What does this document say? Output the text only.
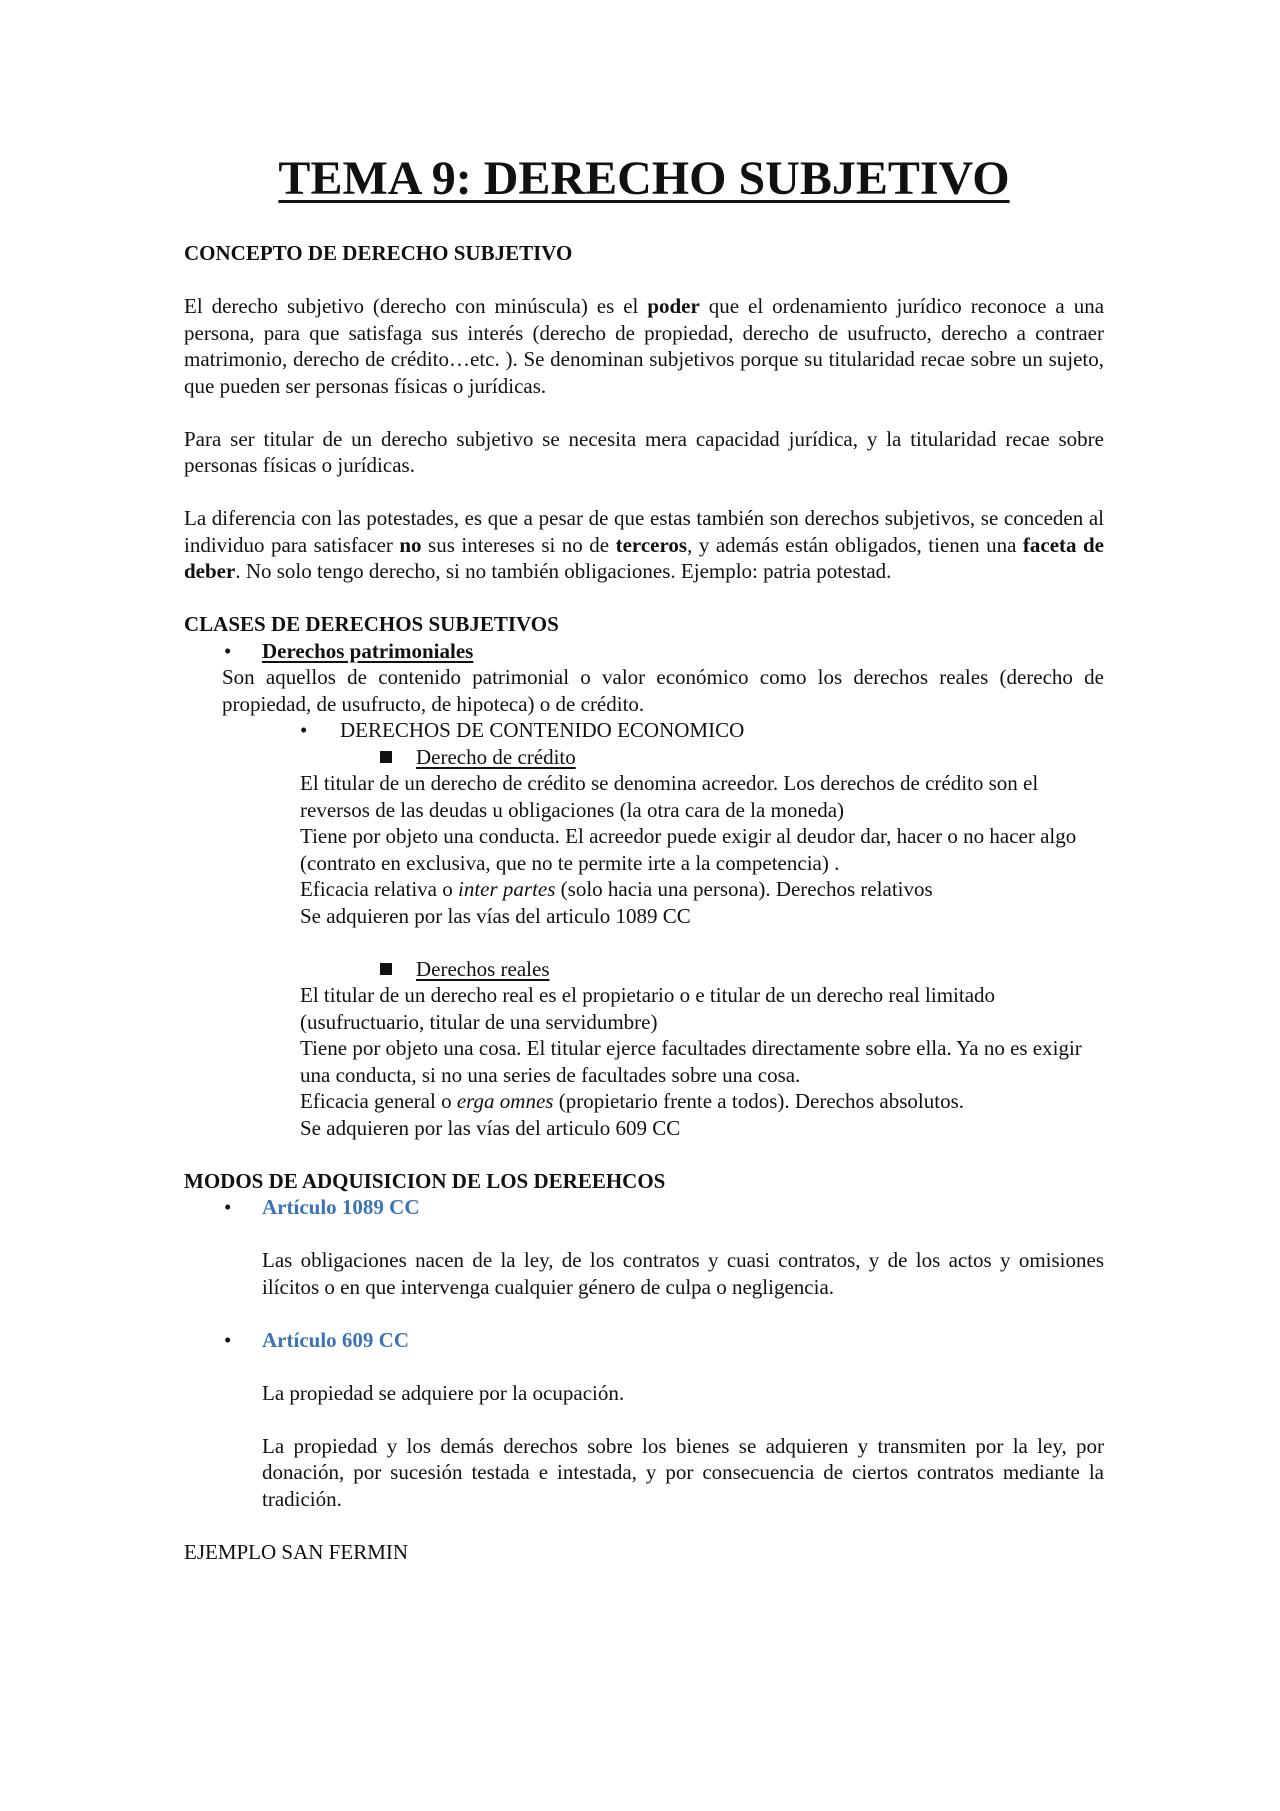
TEMA 9: DERECHO SUBJETIVO

CONCEPTO DE DERECHO SUBJETIVO

El derecho subjetivo (derecho con minúscula) es el poder que el ordenamiento jurídico reconoce a una persona, para que satisfaga sus interés (derecho de propiedad, derecho de usufructo, derecho a contraer matrimonio, derecho de crédito…etc. ). Se denominan subjetivos porque su titularidad recae sobre un sujeto, que pueden ser personas físicas o jurídicas.

Para ser titular de un derecho subjetivo se necesita mera capacidad jurídica, y la titularidad recae sobre personas físicas o jurídicas.

La diferencia con las potestades, es que a pesar de que estas también son derechos subjetivos, se conceden al individuo para satisfacer no sus intereses si no de terceros, y además están obligados, tienen una faceta de deber. No solo tengo derecho, si no también obligaciones. Ejemplo: patria potestad.

CLASES DE DERECHOS SUBJETIVOS

• Derechos patrimoniales

Son aquellos de contenido patrimonial o valor económico como los derechos reales (derecho de propiedad, de usufructo, de hipoteca) o de crédito.

• DERECHOS DE CONTENIDO ECONOMICO
Derecho de crédito

El titular de un derecho de crédito se denomina acreedor. Los derechos de crédito son el reversos de las deudas u obligaciones (la otra cara de la moneda)

Tiene por objeto una conducta. El acreedor puede exigir al deudor dar, hacer o no hacer algo (contrato en exclusiva, que no te permite irte a la competencia) .

Eficacia relativa o inter partes (solo hacia una persona). Derechos relativos

Se adquieren por las vías del articulo 1089 CC

Derechos reales

El titular de un derecho real es el propietario o e titular de un derecho real limitado (usufructuario, titular de una servidumbre)

Tiene por objeto una cosa. El titular ejerce facultades directamente sobre ella. Ya no es exigir una conducta, si no una series de facultades sobre una cosa.

Eficacia general o erga omnes (propietario frente a todos). Derechos absolutos.

Se adquieren por las vías del articulo 609 CC

MODOS DE ADQUISICION DE LOS DEREEHCOS

• Artículo 1089 CC

Las obligaciones nacen de la ley, de los contratos y cuasi contratos, y de los actos y omisiones ilícitos o en que intervenga cualquier género de culpa o negligencia.

• Artículo 609 CC

La propiedad se adquiere por la ocupación.

La propiedad y los demás derechos sobre los bienes se adquieren y transmiten por la ley, por donación, por sucesión testada e intestada, y por consecuencia de ciertos contratos mediante la tradición.

EJEMPLO SAN FERMIN
